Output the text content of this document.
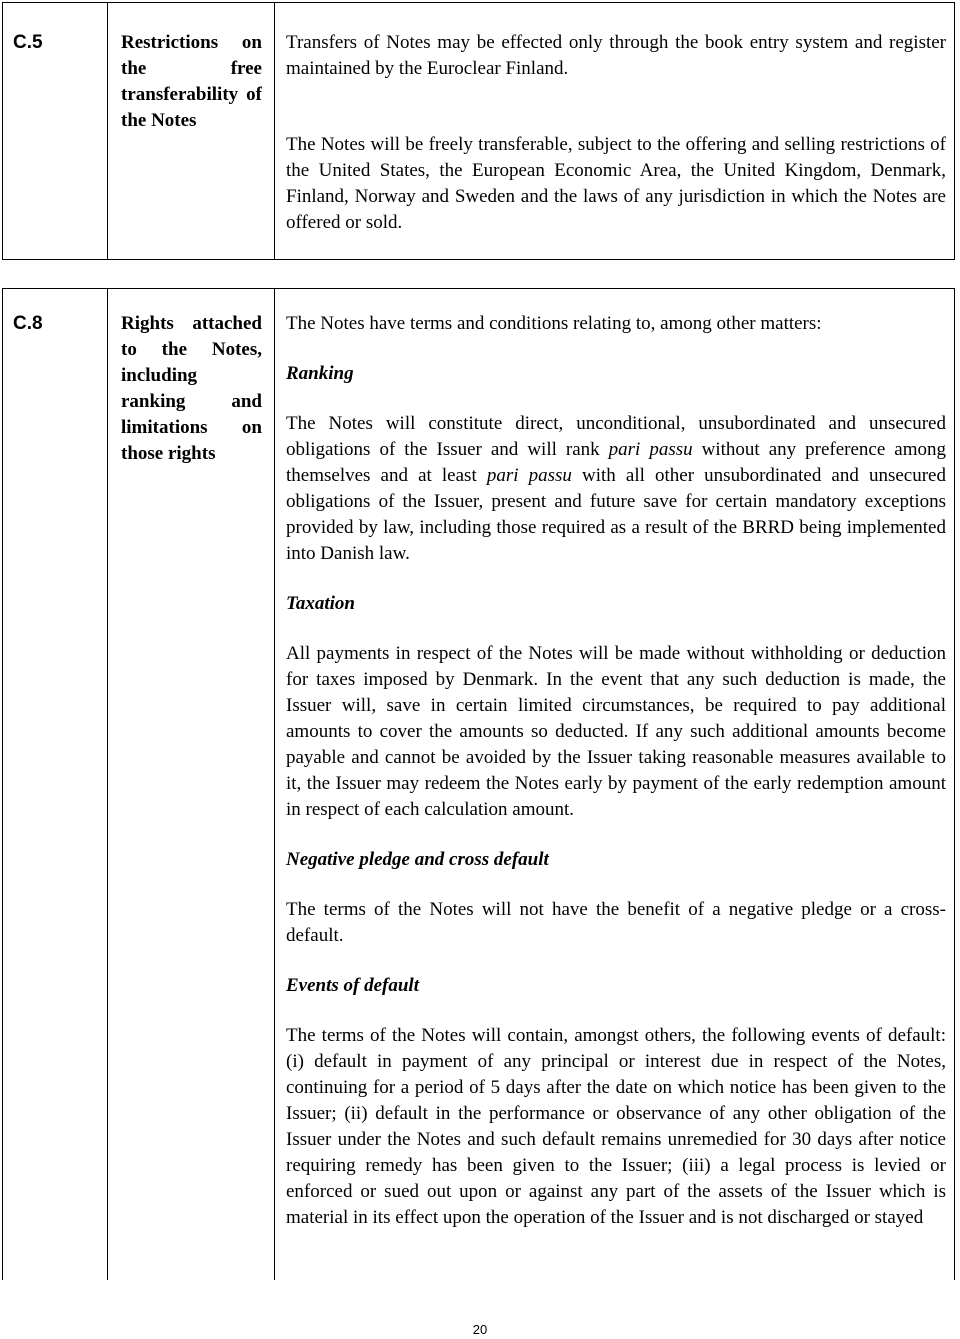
C.5	Restrictions on the free transferability of the Notes

Transfers of Notes may be effected only through the book entry system and register maintained by the Euroclear Finland.

The Notes will be freely transferable, subject to the offering and selling restrictions of the United States, the European Economic Area, the United Kingdom, Denmark, Finland, Norway and Sweden and the laws of any jurisdiction in which the Notes are offered or sold.

C.8	Rights attached to the Notes, including ranking and limitations on those rights

The Notes have terms and conditions relating to, among other matters:

Ranking

The Notes will constitute direct, unconditional, unsubordinated and unsecured obligations of the Issuer and will rank pari passu without any preference among themselves and at least pari passu with all other unsubordinated and unsecured obligations of the Issuer, present and future save for certain mandatory exceptions provided by law, including those required as a result of the BRRD being implemented into Danish law.

Taxation

All payments in respect of the Notes will be made without withholding or deduction for taxes imposed by Denmark. In the event that any such deduction is made, the Issuer will, save in certain limited circumstances, be required to pay additional amounts to cover the amounts so deducted. If any such additional amounts become payable and cannot be avoided by the Issuer taking reasonable measures available to it, the Issuer may redeem the Notes early by payment of the early redemption amount in respect of each calculation amount.

Negative pledge and cross default

The terms of the Notes will not have the benefit of a negative pledge or a cross-default.

Events of default

The terms of the Notes will contain, amongst others, the following events of default: (i) default in payment of any principal or interest due in respect of the Notes, continuing for a period of 5 days after the date on which notice has been given to the Issuer; (ii) default in the performance or observance of any other obligation of the Issuer under the Notes and such default remains unremedied for 30 days after notice requiring remedy has been given to the Issuer; (iii) a legal process is levied or enforced or sued out upon or against any part of the assets of the Issuer which is material in its effect upon the operation of the Issuer and is not discharged or stayed

20
